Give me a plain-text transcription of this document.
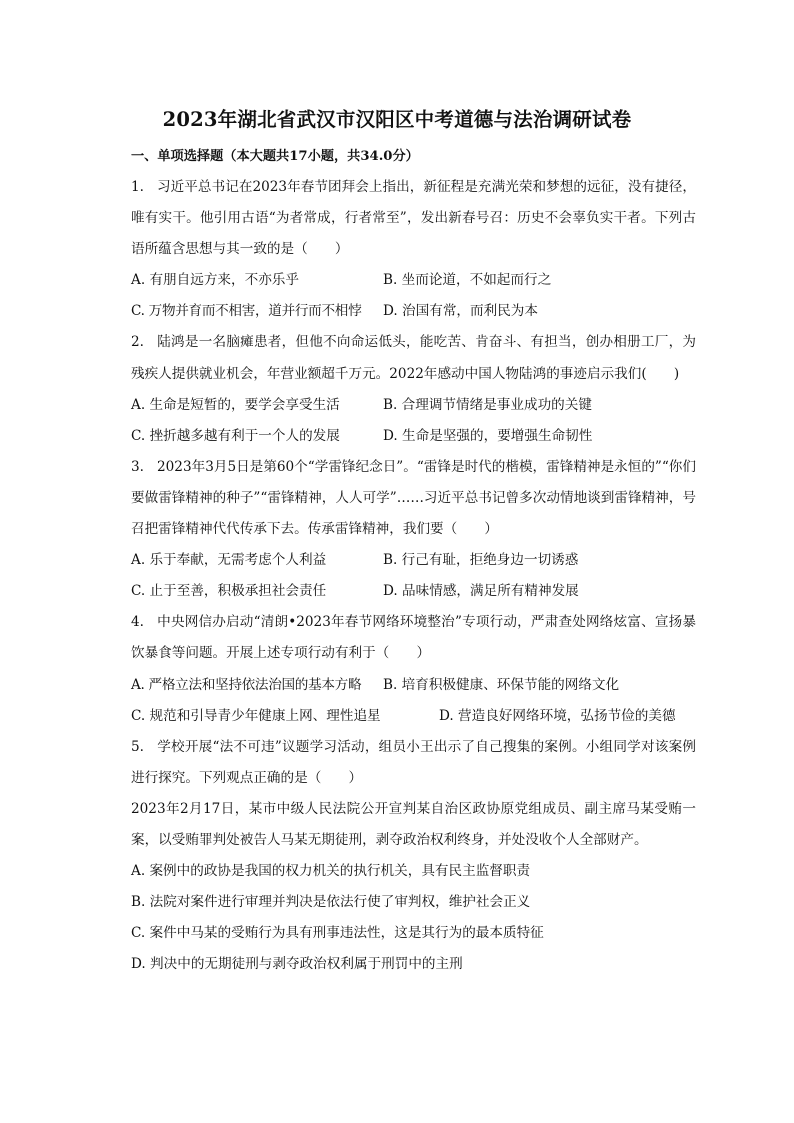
2023年湖北省武汉市汉阳区中考道德与法治调研试卷
一、单项选择题（本大题共17小题，共34.0分）

1. 习近平总书记在2023年春节团拜会上指出，新征程是充满光荣和梦想的远征，没有捷径，唯有实干。他引用古语“为者常成，行者常至”，发出新春号召：历史不会辜负实干者。下列古语所蕴含思想与其一致的是（　　）

A. 有朋自远方来，不亦乐乎	B. 坐而论道，不如起而行之
C. 万物并育而不相害，道并行而不相悖	D. 治国有常，而利民为本

2. 陆鸿是一名脑瘫患者，但他不向命运低头，能吃苦、肯奋斗、有担当，创办相册工厂，为残疾人提供就业机会，年营业额超千万元。2022年感动中国人物陆鸿的事迹启示我们(　　)

A. 生命是短暂的，要学会享受生活	B. 合理调节情绪是事业成功的关键
C. 挫折越多越有利于一个人的发展	D. 生命是坚强的，要增强生命韧性

3. 2023年3月5日是第60个“学雷锋纪念日”。“雷锋是时代的楷模，雷锋精神是永恒的”“你们要做雷锋精神的种子”“雷锋精神，人人可学”……习近平总书记曾多次动情地谈到雷锋精神，号召把雷锋精神代代传承下去。传承雷锋精神，我们要（　　）

A. 乐于奉献，无需考虑个人利益	B. 行己有耻，拒绝身边一切诱惑
C. 止于至善，积极承担社会责任	D. 品味情感，满足所有精神发展

4. 中央网信办启动“清朗•2023年春节网络环境整治”专项行动，严肃查处网络炫富、宣扬暴饮暴食等问题。开展上述专项行动有利于（　　）

A. 严格立法和坚持依法治国的基本方略	B. 培育积极健康、环保节能的网络文化
C. 规范和引导青少年健康上网、理性追星	D. 营造良好网络环境，弘扬节俭的美德

5. 学校开展“法不可违”议题学习活动，组员小王出示了自己搜集的案例。小组同学对该案例进行探究。下列观点正确的是（　　）

2023年2月17日，某市中级人民法院公开宣判某自治区政协原党组成员、副主席马某受贿一案，以受贿罪判处被告人马某无期徒刑，剥夺政治权利终身，并处没收个人全部财产。

A. 案例中的政协是我国的权力机关的执行机关，具有民主监督职责

B. 法院对案件进行审理并判决是依法行使了审判权，维护社会正义

C. 案件中马某的受贿行为具有刑事违法性，这是其行为的最本质特征

D. 判决中的无期徒刑与剥夺政治权利属于刑罚中的主刑
